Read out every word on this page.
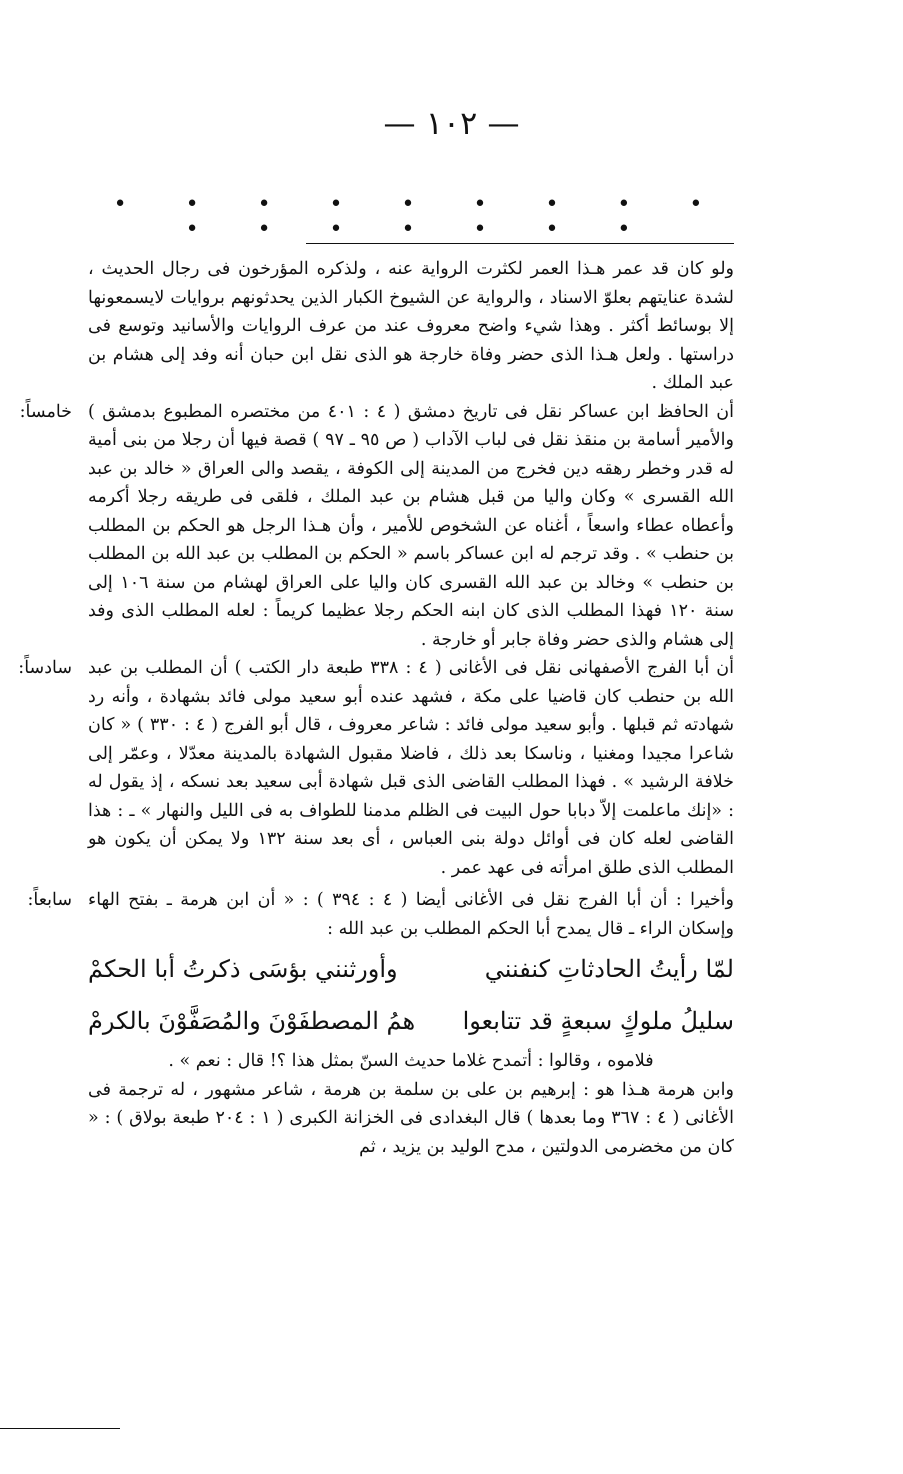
— ١٠٢ —
• • • • • • • • • • • • • • • •

ولو كان قد عمر هـذا العمر لكثرت الرواية عنه ، ولذكره المؤرخون فى رجال الحديث ، لشدة عنايتهم بعلوّ الاسناد ، والرواية عن الشيوخ الكبار الذين يحدثونهم بروايات لايسمعونها إلا بوسائط أكثر . وهذا شيء واضح معروف عند من عرف الروايات والأسانيد وتوسع فى دراستها . ولعل هـذا الذى حضر وفاة خارجة هو الذى نقل ابن حبان أنه وفد إلى هشام بن عبد الملك .

خامساً:	أن الحافظ ابن عساكر نقل فى تاريخ دمشق ( ٤ : ٤٠١ من مختصره المطبوع بدمشق ) والأمير أسامة بن منقذ نقل فى لباب الآداب ( ص ٩٥ ـ ٩٧ ) قصة فيها أن رجلا من بنى أمية له قدر وخطر رهقه دين فخرج من المدينة إلى الكوفة ، يقصد والى العراق « خالد بن عبد الله القسرى » وكان واليا من قبل هشام بن عبد الملك ، فلقى فى طريقه رجلا أكرمه وأعطاه عطاء واسعاً ، أغناه عن الشخوص للأمير ، وأن هـذا الرجل هو الحكم بن المطلب بن حنطب » . وقد ترجم له ابن عساكر باسم « الحكم بن المطلب بن عبد الله بن المطلب بن حنطب » وخالد بن عبد الله القسرى كان واليا على العراق لهشام من سنة ١٠٦ إلى سنة ١٢٠ فهذا المطلب الذى كان ابنه الحكم رجلا عظيما كريماً : لعله المطلب الذى وفد إلى هشام والذى حضر وفاة جابر أو خارجة .

سادساً:	أن أبا الفرج الأصفهانى نقل فى الأغانى ( ٤ : ٣٣٨ طبعة دار الكتب ) أن المطلب بن عبد الله بن حنطب كان قاضيا على مكة ، فشهد عنده أبو سعيد مولى فائد بشهادة ، وأنه رد شهادته ثم قبلها . وأبو سعيد مولى فائد : شاعر معروف ، قال أبو الفرج ( ٤ : ٣٣٠ ) « كان شاعرا مجيدا ومغنيا ، وناسكا بعد ذلك ، فاضلا مقبول الشهادة بالمدينة معدّلا ، وعمّر إلى خلافة الرشيد » . فهذا المطلب القاضى الذى قبل شهادة أبى سعيد بعد نسكه ، إذ يقول له : «إنك ماعلمت إلاّ دبابا حول البيت فى الظلم مدمنا للطواف به فى الليل والنهار » ـ : هذا القاضى لعله كان فى أوائل دولة بنى العباس ، أى بعد سنة ١٣٢ ولا يمكن أن يكون هو المطلب الذى طلق امرأته فى عهد عمر .

سابعاً:	وأخيرا : أن أبا الفرج نقل فى الأغانى أيضا ( ٤ : ٣٩٤ ) : « أن ابن هرمة ـ بفتح الهاء وإسكان الراء ـ قال يمدح أبا الحكم المطلب بن عبد الله :

لمّا رأيتُ الحادثاتِ كنفنني
وأورثنني بؤسَى ذكرتُ أبا الحكمْ
سليلُ ملوكٍ سبعةٍ قد تتابعوا
همُ المصطفَوْنَ والمُصَفَّوْنَ بالكرمْ

فلاموه ، وقالوا : أتمدح غلاما حديث السنّ بمثل هذا ؟! قال : نعم » .

وابن هرمة هـذا هو : إبرهيم بن على بن سلمة بن هرمة ، شاعر مشهور ، له ترجمة فى الأغانى ( ٤ : ٣٦٧ وما بعدها ) قال البغدادى فى الخزانة الكبرى ( ١ : ٢٠٤ طبعة بولاق ) : « كان من مخضرمى الدولتين ، مدح الوليد بن يزيد ، ثم
